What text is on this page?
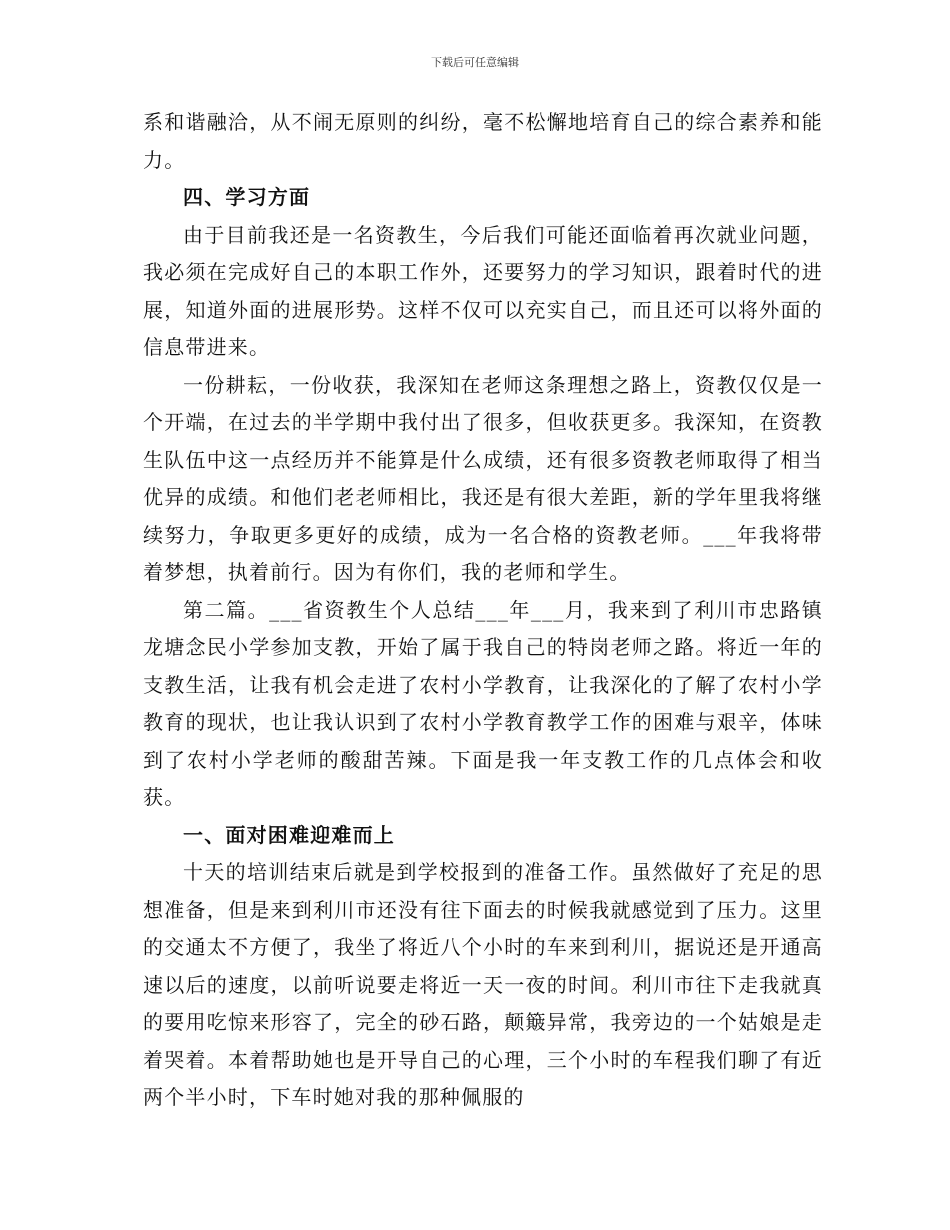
下载后可任意编辑

系和谐融洽，从不闹无原则的纠纷，毫不松懈地培育自己的综合素养和能力。

四、学习方面

由于目前我还是一名资教生，今后我们可能还面临着再次就业问题，我必须在完成好自己的本职工作外，还要努力的学习知识，跟着时代的进展，知道外面的进展形势。这样不仅可以充实自己，而且还可以将外面的信息带进来。

一份耕耘，一份收获，我深知在老师这条理想之路上，资教仅仅是一个开端，在过去的半学期中我付出了很多，但收获更多。我深知，在资教生队伍中这一点经历并不能算是什么成绩，还有很多资教老师取得了相当优异的成绩。和他们老老师相比，我还是有很大差距，新的学年里我将继续努力，争取更多更好的成绩，成为一名合格的资教老师。___年我将带着梦想，执着前行。因为有你们，我的老师和学生。

第二篇。___省资教生个人总结___年___月，我来到了利川市忠路镇龙塘念民小学参加支教，开始了属于我自己的特岗老师之路。将近一年的支教生活，让我有机会走进了农村小学教育，让我深化的了解了农村小学教育的现状，也让我认识到了农村小学教育教学工作的困难与艰辛，体味到了农村小学老师的酸甜苦辣。下面是我一年支教工作的几点体会和收获。

一、面对困难迎难而上

十天的培训结束后就是到学校报到的准备工作。虽然做好了充足的思想准备，但是来到利川市还没有往下面去的时候我就感觉到了压力。这里的交通太不方便了，我坐了将近八个小时的车来到利川，据说还是开通高速以后的速度，以前听说要走将近一天一夜的时间。利川市往下走我就真的要用吃惊来形容了，完全的砂石路，颠簸异常，我旁边的一个姑娘是走着哭着。本着帮助她也是开导自己的心理，三个小时的车程我们聊了有近两个半小时，下车时她对我的那种佩服的
